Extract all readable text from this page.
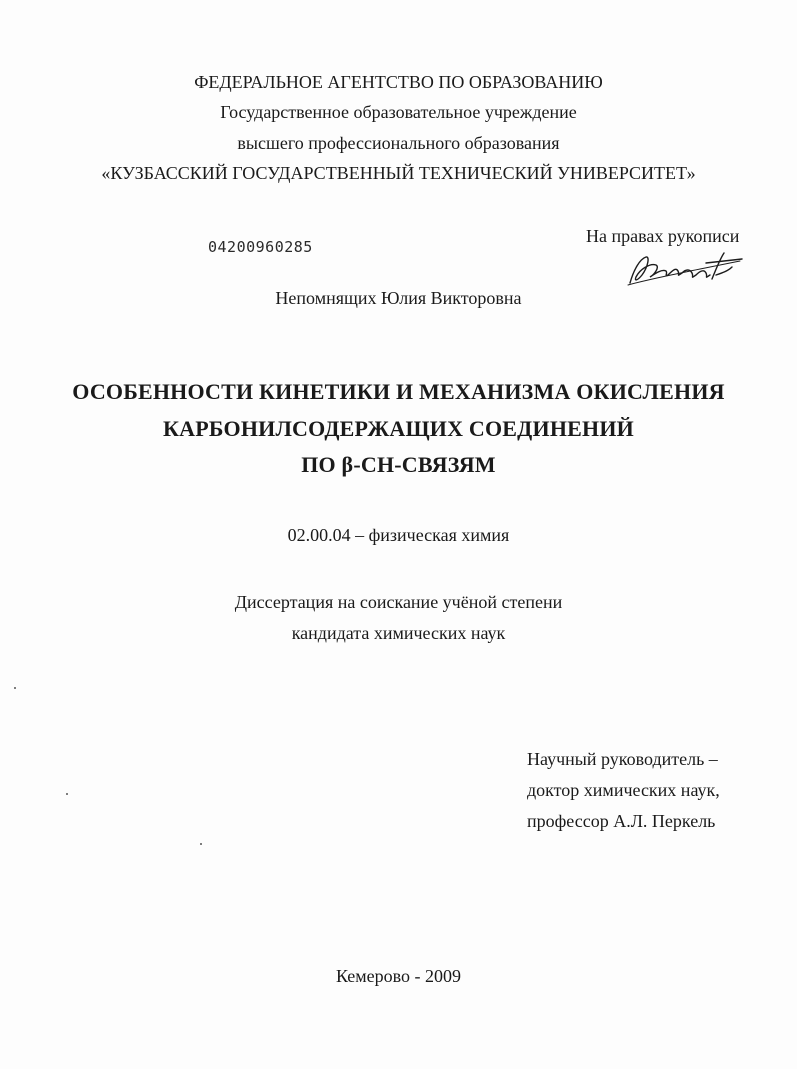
ФЕДЕРАЛЬНОЕ АГЕНТСТВО ПО ОБРАЗОВАНИЮ
Государственное образовательное учреждение
высшего профессионального образования
«КУЗБАССКИЙ ГОСУДАРСТВЕННЫЙ ТЕХНИЧЕСКИЙ УНИВЕРСИТЕТ»
04200960285
На правах рукописи
Непомнящих Юлия Викторовна
ОСОБЕННОСТИ КИНЕТИКИ И МЕХАНИЗМА ОКИСЛЕНИЯ
КАРБОНИЛСОДЕРЖАЩИХ СОЕДИНЕНИЙ
ПО β-СН-СВЯЗЯМ
02.00.04 – физическая химия
Диссертация на соискание учёной степени
кандидата химических наук
Научный руководитель –
доктор химических наук,
профессор А.Л. Перкель
Кемерово - 2009
